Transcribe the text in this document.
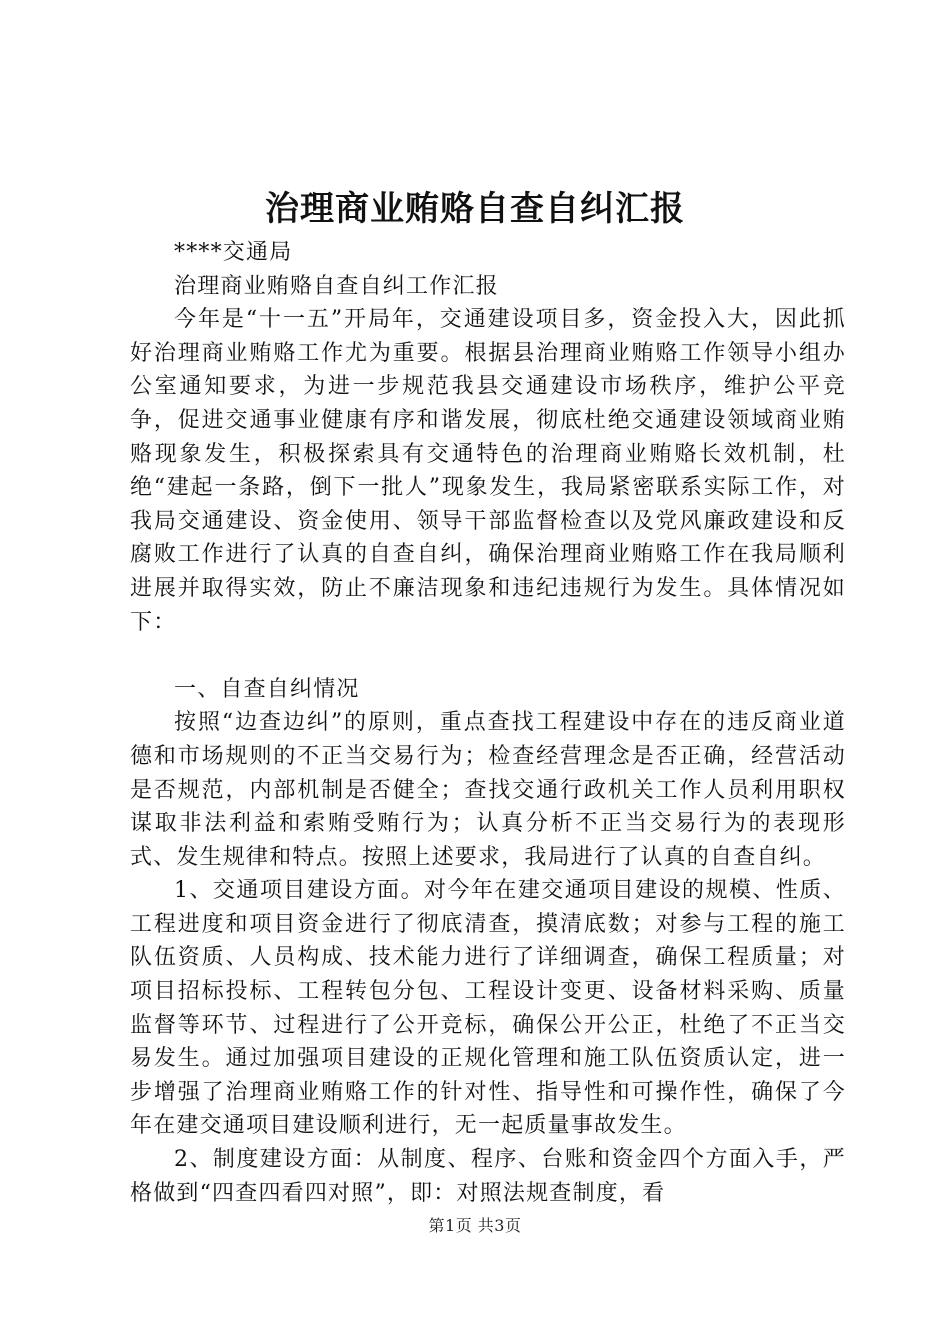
治理商业贿赂自查自纠汇报

****交通局

治理商业贿赂自查自纠工作汇报

今年是“十一五”开局年，交通建设项目多，资金投入大，因此抓好治理商业贿赂工作尤为重要。根据县治理商业贿赂工作领导小组办公室通知要求，为进一步规范我县交通建设市场秩序，维护公平竞争，促进交通事业健康有序和谐发展，彻底杜绝交通建设领域商业贿赂现象发生，积极探索具有交通特色的治理商业贿赂长效机制，杜绝“建起一条路，倒下一批人”现象发生，我局紧密联系实际工作，对我局交通建设、资金使用、领导干部监督检查以及党风廉政建设和反腐败工作进行了认真的自查自纠，确保治理商业贿赂工作在我局顺利进展并取得实效，防止不廉洁现象和违纪违规行为发生。具体情况如下：

一、自查自纠情况

按照“边查边纠”的原则，重点查找工程建设中存在的违反商业道德和市场规则的不正当交易行为；检查经营理念是否正确，经营活动是否规范，内部机制是否健全；查找交通行政机关工作人员利用职权谋取非法利益和索贿受贿行为；认真分析不正当交易行为的表现形式、发生规律和特点。按照上述要求，我局进行了认真的自查自纠。

1、交通项目建设方面。对今年在建交通项目建设的规模、性质、工程进度和项目资金进行了彻底清查，摸清底数；对参与工程的施工队伍资质、人员构成、技术能力进行了详细调查，确保工程质量；对项目招标投标、工程转包分包、工程设计变更、设备材料采购、质量监督等环节、过程进行了公开竞标，确保公开公正，杜绝了不正当交易发生。通过加强项目建设的正规化管理和施工队伍资质认定，进一步增强了治理商业贿赂工作的针对性、指导性和可操作性，确保了今年在建交通项目建设顺利进行，无一起质量事故发生。

2、制度建设方面：从制度、程序、台账和资金四个方面入手，严格做到“四查四看四对照”，即：对照法规查制度，看

第1页 共3页
